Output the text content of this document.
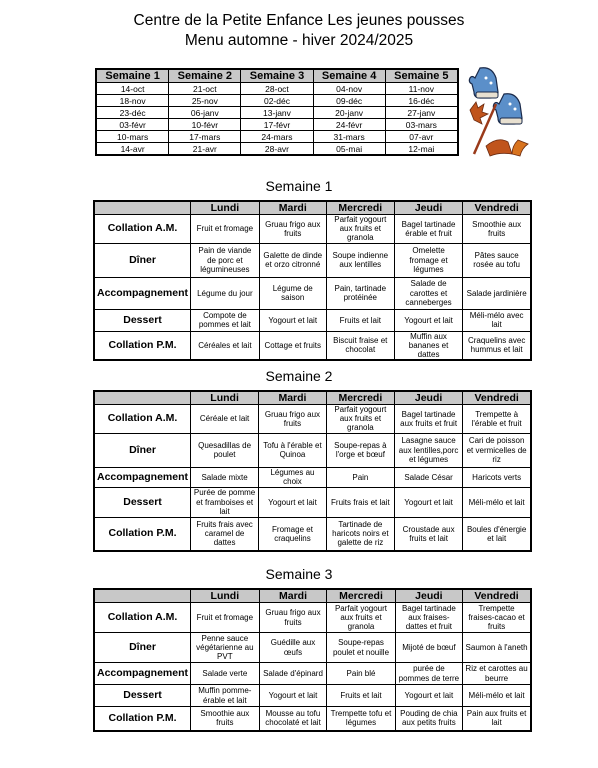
Centre de la Petite Enfance Les jeunes pousses
Menu automne - hiver 2024/2025
Semaine 1	Semaine 2	Semaine 3	Semaine 4	Semaine 5
14-oct	21-oct	28-oct	04-nov	11-nov
18-nov	25-nov	02-déc	09-déc	16-déc
23-déc	06-janv	13-janv	20-janv	27-janv
03-févr	10-févr	17-févr	24-févr	03-mars
10-mars	17-mars	24-mars	31-mars	07-avr
14-avr	21-avr	28-avr	05-mai	12-mai
Semaine 1
	Lundi	Mardi	Mercredi	Jeudi	Vendredi
Collation A.M.	Fruit et fromage	Gruau frigo aux fruits	Parfait yogourt aux fruits et granola	Bagel tartinade érable et fruit	Smoothie aux fruits
Dîner	Pain de viande de porc et légumineuses	Galette de dinde et orzo citronné	Soupe indienne aux lentilles	Omelette fromage et légumes	Pâtes sauce rosée au tofu
Accompagnement	Légume du jour	Légume de saison	Pain, tartinade protéinée	Salade de carottes et canneberges	Salade jardinière
Dessert	Compote de pommes et lait	Yogourt et lait	Fruits et lait	Yogourt et lait	Méli-mélo avec lait
Collation P.M.	Céréales et lait	Cottage et fruits	Biscuit fraise et chocolat	Muffin aux bananes et dattes	Craquelins avec hummus et lait
Semaine 2
	Lundi	Mardi	Mercredi	Jeudi	Vendredi
Collation A.M.	Céréale et lait	Gruau frigo aux fruits	Parfait yogourt aux fruits et granola	Bagel tartinade aux fruits et fruit	Trempette à l'érable et fruit
Dîner	Quesadillas de poulet	Tofu à l'érable et Quinoa	Soupe-repas à l'orge et bœuf	Lasagne sauce aux lentilles,porc et légumes	Cari de poisson et vermicelles de riz
Accompagnement	Salade mixte	Légumes au choix	Pain	Salade César	Haricots verts
Dessert	Purée de pomme et framboises et lait	Yogourt et lait	Fruits frais et lait	Yogourt et lait	Méli-mélo et lait
Collation P.M.	Fruits frais avec caramel de dattes	Fromage et craquelins	Tartinade de haricots noirs et galette de riz	Croustade aux fruits et lait	Boules d'énergie et lait
Semaine 3
	Lundi	Mardi	Mercredi	Jeudi	Vendredi
Collation A.M.	Fruit et fromage	Gruau frigo aux fruits	Parfait yogourt aux fruits et granola	Bagel tartinade aux fraises-dattes et fruit	Trempette fraises-cacao et fruits
Dîner	Penne sauce végétarienne au PVT	Guédille aux œufs	Soupe-repas poulet et nouille	Mijoté de bœuf	Saumon à l'aneth
Accompagnement	Salade verte	Salade d'épinard	Pain blé	purée de pommes de terre	Riz et carottes au beurre
Dessert	Muffin pomme-érable et lait	Yogourt et lait	Fruits et lait	Yogourt et lait	Méli-mélo et lait
Collation P.M.	Smoothie aux fruits	Mousse au tofu chocolaté et lait	Trempette tofu et légumes	Pouding de chia aux petits fruits	Pain aux fruits et lait
